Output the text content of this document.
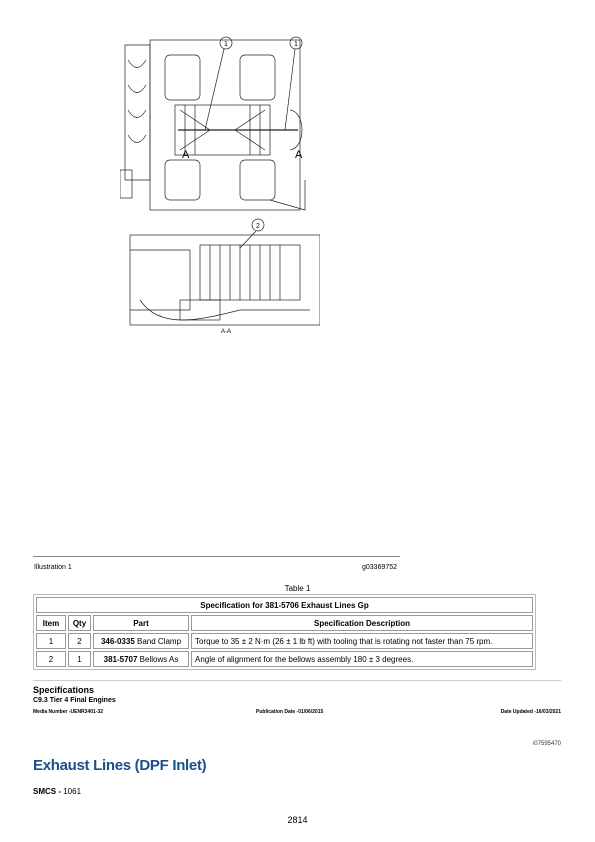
1	1
2
A	A
A-A
Illustration 1	g03369752
Table 1
Specification for 381-5706 Exhaust Lines Gp			
Item	Qty	Part	Specification Description
1	2	346-0335 Band Clamp	Torque to 35 ± 2 N·m (26 ± 1 lb ft) with tooling that is rotating not faster than 75 rpm.
2	1	381-5707 Bellows As	Angle of alignment for the bellows assembly 180 ± 3 degrees.
Specifications
C9.3 Tier 4 Final Engines
Media Number -UENR3401-32	Publication Date -01/06/2015	Date Updated -16/03/2021
i07595470
Exhaust Lines (DPF Inlet)
SMCS - 1061
2814
